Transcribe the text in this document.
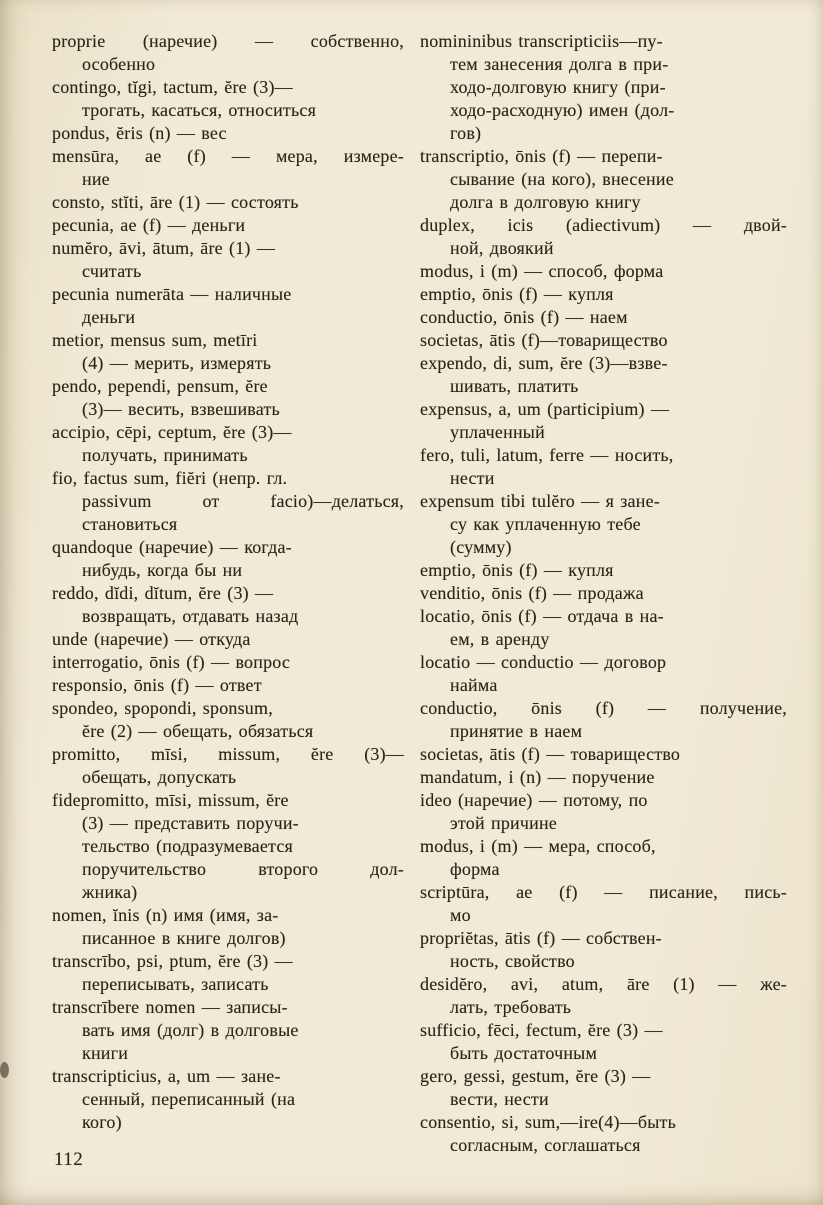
proprie (наречие) — собственно,
особенно
contingo, tĭgi, tactum, ĕre (3)—
трогать, касаться, относиться
pondus, ĕris (n) — вес
mensūra, ae (f) — мера, измере-
ние
consto, stĭti, āre (1) — состоять
pecunia, ae (f) — деньги
numĕro, āvi, ātum, āre (1) —
считать
pecunia numerāta — наличные
деньги
metior, mensus sum, metīri
(4) — мерить, измерять
pendo, pependi, pensum, ĕre
(3)— весить, взвешивать
accipio, cēpi, ceptum, ĕre (3)—
получать, принимать
fio, factus sum, fiĕri (непр. гл.
passivum от facio)—делаться,
становиться
quandoque (наречие) — когда-
нибудь, когда бы ни
reddo, dĭdi, dĭtum, ĕre (3) —
возвращать, отдавать назад
unde (наречие) — откуда
interrogatio, ōnis (f) — вопрос
responsio, ōnis (f) — ответ
spondeo, spopondi, sponsum,
ĕre (2) — обещать, обязаться
promitto, mīsi, missum, ĕre (3)—
обещать, допускать
fidepromitto, mīsi, missum, ĕre
(3) — представить поручи-
тельство (подразумевается
поручительство второго дол-
жника)
nomen, ĭnis (n) имя (имя, за-
писанное в книге долгов)
transcrībo, psi, ptum, ĕre (3) —
переписывать, записать
transcrībere nomen — записы-
вать имя (долг) в долговые
книги
transcripticius, a, um — зане-
сенный, переписанный (на
кого)
nomininibus transcripticiis—пу-
тем занесения долга в при-
ходо-долговую книгу (при-
ходо-расходную) имен (дол-
гов)
transcriptio, ōnis (f) — перепи-
сывание (на кого), внесение
долга в долговую книгу
duplex, icis (adiectivum) — двой-
ной, двоякий
modus, i (m) — способ, форма
emptio, ōnis (f) — купля
conductio, ōnis (f) — наем
societas, ātis (f)—товарищество
expendo, di, sum, ĕre (3)—взве-
шивать, платить
expensus, a, um (participium) —
уплаченный
fero, tuli, latum, ferre — носить,
нести
expensum tibi tulĕro — я зане-
су как уплаченную тебе
(сумму)
emptio, ōnis (f) — купля
venditio, ōnis (f) — продажа
locatio, ōnis (f) — отдача в на-
ем, в аренду
locatio — conductio — договор
найма
conductio, ōnis (f) — получение,
принятие в наем
societas, ātis (f) — товарищество
mandatum, i (n) — поручение
ideo (наречие) — потому, по
этой причине
modus, i (m) — мера, способ,
форма
scriptūra, ae (f) — писание, пись-
мо
propriĕtas, ātis (f) — собствен-
ность, свойство
desidĕro, avi, atum, āre (1) — же-
лать, требовать
sufficio, fēci, fectum, ĕre (3) —
быть достаточным
gero, gessi, gestum, ĕre (3) —
вести, нести
consentio, si, sum,—ire(4)—быть
согласным, соглашаться
112
